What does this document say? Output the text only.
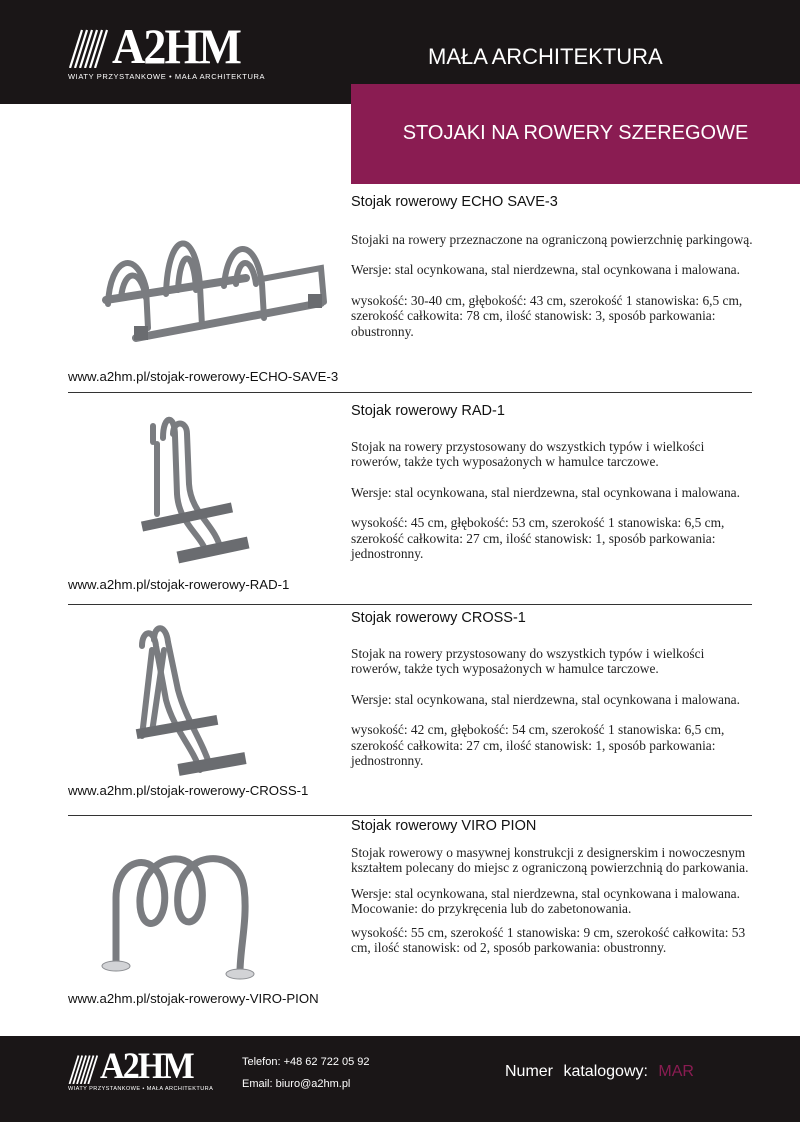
A2HM
WIATY PRZYSTANKOWE • MAŁA ARCHITEKTURA
MAŁA ARCHITEKTURA
STOJAKI NA ROWERY SZEREGOWE
Stojak rowerowy ECHO SAVE-3

Stojaki na rowery przeznaczone na ograniczoną powierzchnię parkingową.

Wersje: stal ocynkowana, stal nierdzewna, stal ocynkowana i malowana.

wysokość: 30-40 cm, głębokość: 43 cm, szerokość 1 stanowiska: 6,5 cm, szerokość całkowita: 78 cm, ilość stanowisk: 3, sposób parkowania: obustronny.

www.a2hm.pl/stojak-rowerowy-ECHO-SAVE-3
Stojak rowerowy RAD-1

Stojak na rowery przystosowany do wszystkich typów i wielkości rowerów, także tych wyposażonych w hamulce tarczowe.

Wersje: stal ocynkowana, stal nierdzewna, stal ocynkowana i malowana.

wysokość: 45 cm, głębokość: 53 cm, szerokość 1 stanowiska: 6,5 cm, szerokość całkowita: 27 cm, ilość stanowisk: 1, sposób parkowania: jednostronny.

www.a2hm.pl/stojak-rowerowy-RAD-1
Stojak rowerowy CROSS-1

Stojak na rowery przystosowany do wszystkich typów i wielkości rowerów, także tych wyposażonych w hamulce tarczowe.

Wersje: stal ocynkowana, stal nierdzewna, stal ocynkowana i malowana.

wysokość: 42 cm, głębokość: 54 cm, szerokość 1 stanowiska: 6,5 cm, szerokość całkowita: 27 cm, ilość stanowisk: 1, sposób parkowania: jednostronny.

www.a2hm.pl/stojak-rowerowy-CROSS-1
Stojak rowerowy VIRO PION

Stojak rowerowy o masywnej konstrukcji z designerskim i nowoczesnym kształtem polecany do miejsc z ograniczoną powierzchnią do parkowania.

Wersje: stal ocynkowana, stal nierdzewna, stal ocynkowana i malowana. Mocowanie: do przykręcenia lub do zabetonowania.

wysokość: 55 cm, szerokość 1 stanowiska: 9 cm, szerokość całkowita: 53 cm, ilość stanowisk: od 2, sposób parkowania: obustronny.

www.a2hm.pl/stojak-rowerowy-VIRO-PION
A2HM
WIATY PRZYSTANKOWE • MAŁA ARCHITEKTURA
Telefon: +48 62 722 05 92
Email: biuro@a2hm.pl
Numer katalogowy: MAR
